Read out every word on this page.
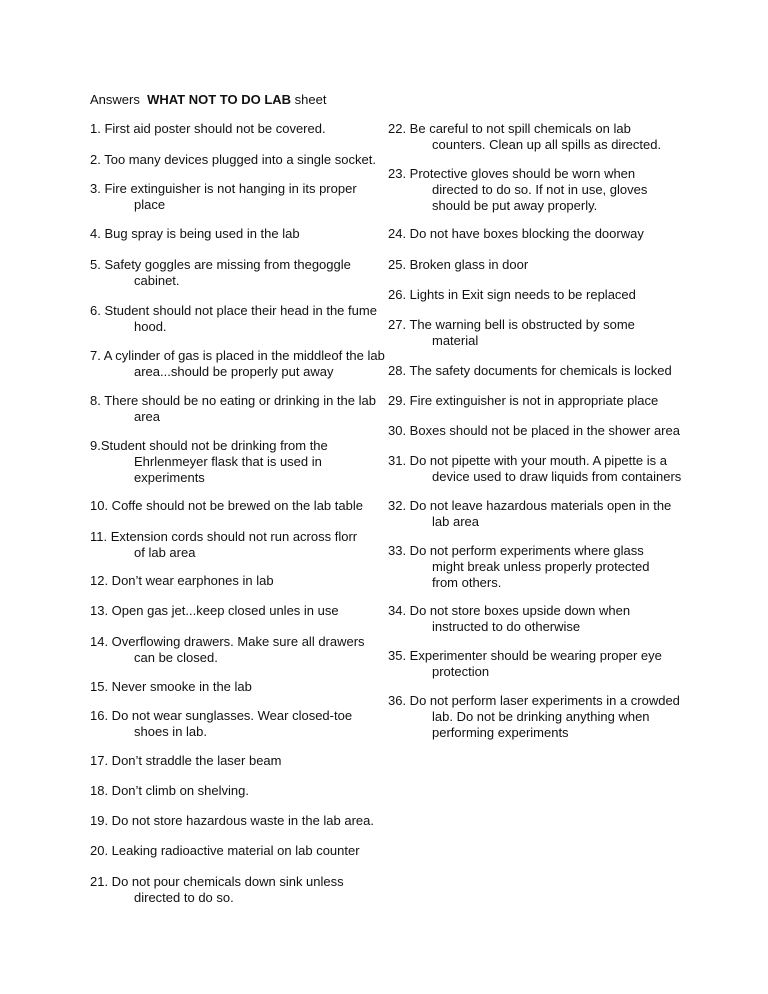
Answers WHAT NOT TO DO LAB sheet
1. First aid poster should not be covered.
2. Too many devices plugged into a single socket.
3. Fire extinguisher is not hanging in its proper
place
4. Bug spray is being used in the lab
5. Safety goggles are missing from thegoggle
cabinet.
6. Student should not place their head in the fume
hood.
7. A cylinder of gas is placed in the middleof the lab
area...should be properly put away
8. There should be no eating or drinking in the lab
area
9.Student should not be drinking from the
Ehrlenmeyer flask that is used in
experiments
10. Coffe should not be brewed on the lab table
11. Extension cords should not run across florr
of lab area
12. Don’t wear earphones in lab
13. Open gas jet...keep closed unles in use
14. Overflowing drawers. Make sure all drawers
can be closed.
15. Never smooke in the lab
16. Do not wear sunglasses. Wear closed-toe
shoes in lab.
17. Don’t straddle the laser beam
18. Don’t climb on shelving.
19. Do not store hazardous waste in the lab area.
20. Leaking radioactive material on lab counter
21. Do not pour chemicals down sink unless
directed to do so.
22. Be careful to not spill chemicals on lab
counters. Clean up all spills as directed.
23. Protective gloves should be worn when
directed to do so. If not in use, gloves
should be put away properly.
24. Do not have boxes blocking the doorway
25. Broken glass in door
26. Lights in Exit sign needs to be replaced
27. The warning bell is obstructed by some
material
28. The safety documents for chemicals is locked
29. Fire extinguisher is not in appropriate place
30. Boxes should not be placed in the shower area
31. Do not pipette with your mouth. A pipette is a
device used to draw liquids from containers
32. Do not leave hazardous materials open in the
lab area
33. Do not perform experiments where glass
might break unless properly protected
from others.
34. Do not store boxes upside down when
instructed to do otherwise
35. Experimenter should be wearing proper eye
protection
36. Do not perform laser experiments in a crowded
lab. Do not be drinking anything when
performing experiments
